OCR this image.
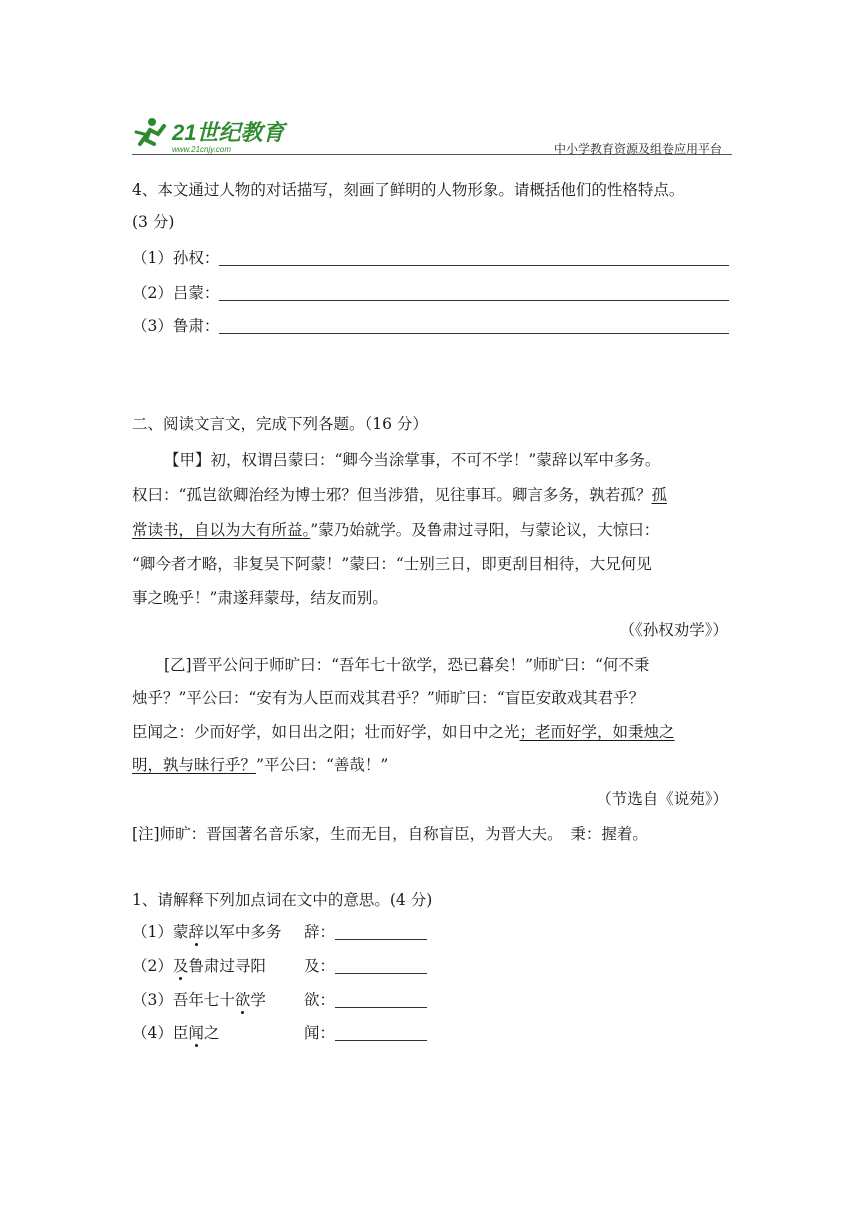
21世纪教育
www.21cnjy.com	中小学教育资源及组卷应用平台
4、本文通过人物的对话描写，刻画了鲜明的人物形象。请概括他们的性格特点。
(3 分)
（1）孙权：
（2）吕蒙：
（3）鲁肃：
二、阅读文言文，完成下列各题。（16 分）
【甲】初，权谓吕蒙曰：“卿今当涂掌事，不可不学！”蒙辞以军中多务。
权曰：“孤岂欲卿治经为博士邪？但当涉猎，见往事耳。卿言多务，孰若孤？孤
常读书，自以为大有所益。”蒙乃始就学。及鲁肃过寻阳，与蒙论议，大惊曰：
“卿今者才略，非复吴下阿蒙！”蒙曰：“士别三日，即更刮目相待，大兄何见
事之晚乎！”肃遂拜蒙母，结友而别。
（《孙权劝学》）
[乙]晋平公问于师旷曰：“吾年七十欲学，恐已暮矣！”师旷曰：“何不秉
烛乎？”平公曰：“安有为人臣而戏其君乎？”师旷曰：“盲臣安敢戏其君乎？
臣闻之：少而好学，如日出之阳；壮而好学，如日中之光；老而好学，如秉烛之
明，孰与昧行乎？”平公曰：“善哉！”
（节选自《说苑》）
[注]师旷：晋国著名音乐家，生而无目，自称盲臣，为晋大夫。　秉：握着。
1、请解释下列加点词在文中的意思。(4 分)
（1）蒙辞以军中多务 辞：
（2）及鲁肃过寻阳 及：
（3）吾年七十欲学 欲：
（4）臣闻之	闻：
